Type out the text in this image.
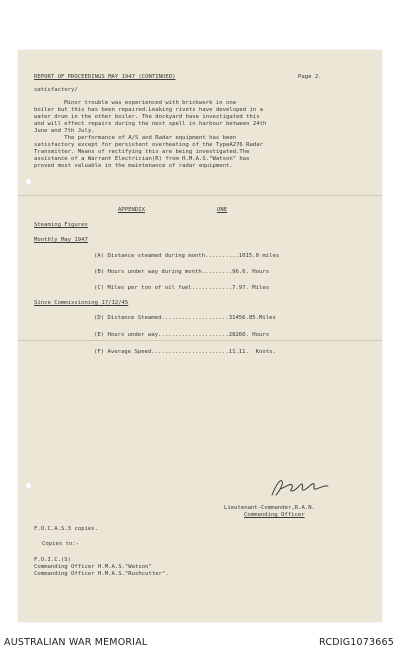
REPORT OF PROCEEDINGS MAY 1947 (CONTINUED)	Page 2.
satisfactory/
Minor trouble was experienced with brickwork in one
boiler but this has been repaired.Leaking rivets have developed in a
water drum in the other boiler. The dockyard have investigated this
and will effect repairs during the next spell in harbour between 24th
June and 7th July.
The performance of A/S and Radar equipment has been
satisfactory except for persistent overheating of the TypeA276 Radar
Transmitter. Means of rectifying this are being investigated.The
assistance of a Warrant Electrician(R) from H.M.A.S."Watson" has
proved most valuable in the maintenance of radar equipment.
APPENDIX	ONE
Steaming Figures
Monthly May 1947
(A) Distance steamed during month..........1015.0 miles
(B) Hours under way during month.........96.6. Hours
(C) Miles per ton of oil fuel............7.97. Miles
Since Commissioning 17/12/45
(D) Distance Steamed....................31456.85.Miles
(E) Hours under way.....................28260. Hours
(F) Average Speed.......................11.11.  Knots.
Lieutenant-Commander,R.A.N.
Commanding Officer
F.O.C.A.S.3 copies.
Copies to:-
F.O.I.C.(S)
Commanding Officer H.M.A.S."Watson"
Commanding Officer H.M.A.S."Rushcutter".
AUSTRALIAN WAR MEMORIAL	RCDIG1073665
